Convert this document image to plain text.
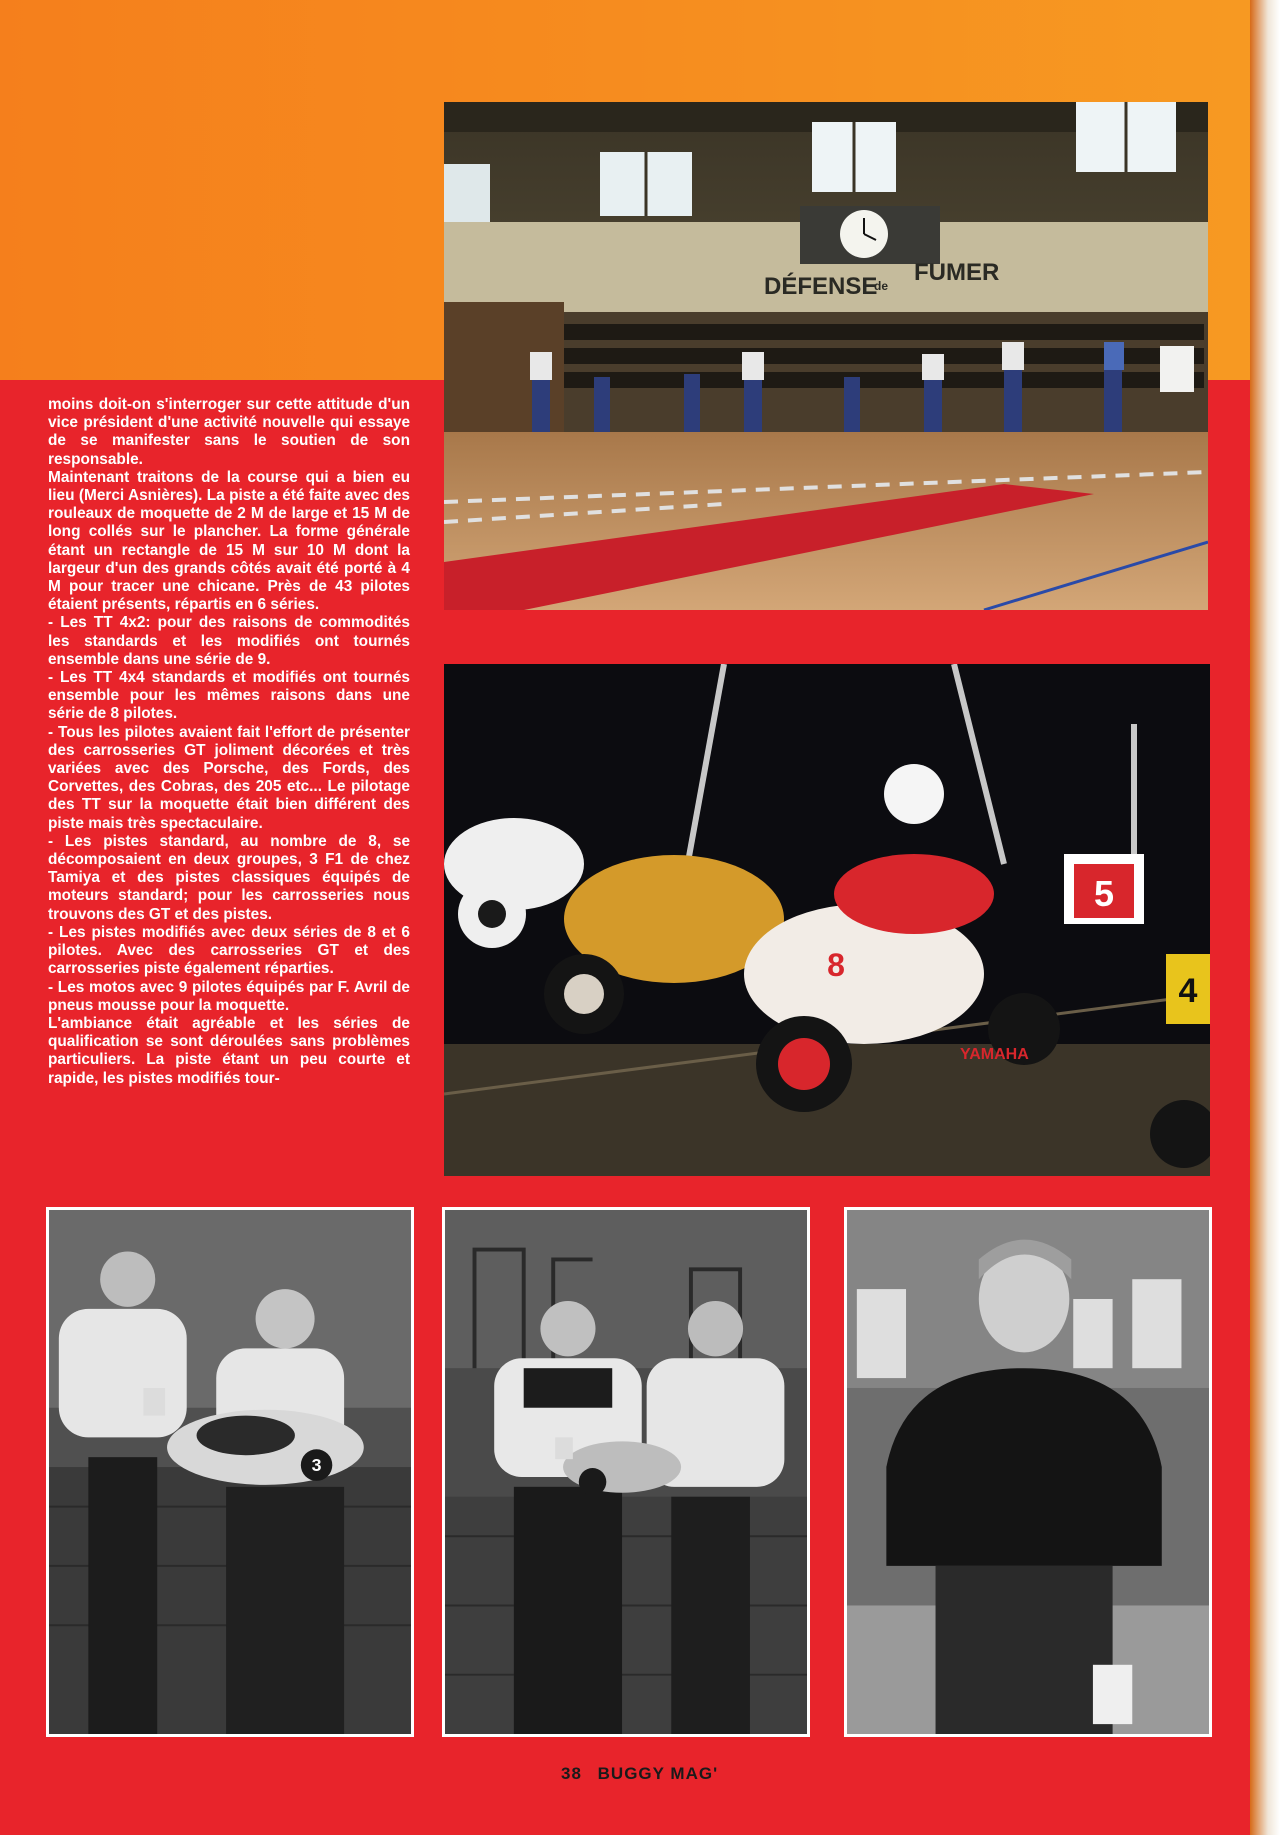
moins doit-on s'interroger sur cette attitude d'un vice président d'une activité nouvelle qui essaye de se manifester sans le soutien de son responsable.

Maintenant traitons de la course qui a bien eu lieu (Merci Asnières). La piste a été faite avec des rouleaux de moquette de 2 M de large et 15 M de long collés sur le plancher. La forme générale étant un rectangle de 15 M sur 10 M dont la largeur d'un des grands côtés avait été porté à 4 M pour tracer une chicane. Près de 43 pilotes étaient présents, répartis en 6 séries.

- Les TT 4x2: pour des raisons de commodités les standards et les modifiés ont tournés ensemble dans une série de 9.

- Les TT 4x4 standards et modifiés ont tournés ensemble pour les mêmes raisons dans une série de 8 pilotes.

- Tous les pilotes avaient fait l'effort de présenter des carrosseries GT joliment décorées et très variées avec des Porsche, des Fords, des Corvettes, des Cobras, des 205 etc... Le pilotage des TT sur la moquette était bien différent des piste mais très spectaculaire.

- Les pistes standard, au nombre de 8, se décomposaient en deux groupes, 3 F1 de chez Tamiya et des pistes classiques équipés de moteurs standard; pour les carrosseries nous trouvons des GT et des pistes.

- Les pistes modifiés avec deux séries de 8 et 6 pilotes. Avec des carrosseries GT et des carrosseries piste également réparties.

- Les motos avec 9 pilotes équipés par F. Avril de pneus mousse pour la moquette.

L'ambiance était agréable et les séries de qualification se sont déroulées sans problèmes particuliers. La piste étant un peu courte et rapide, les pistes modifiés tour-

DÉFENSE
de FUMER
5
8
YAMAHA
4
3
38 BUGGY MAG'
